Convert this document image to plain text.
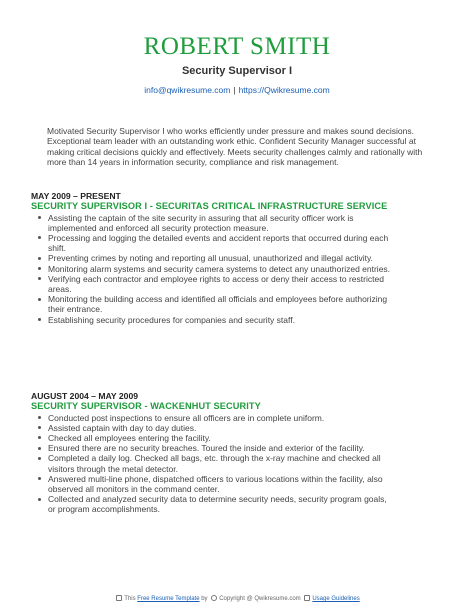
ROBERT SMITH
Security Supervisor I
info@qwikresume.com | https://Qwikresume.com

Motivated Security Supervisor I who works efficiently under pressure and makes sound decisions. Exceptional team leader with an outstanding work ethic. Confident Security Manager successful at making critical decisions quickly and effectively. Meets security challenges calmly and rationally with more than 14 years in information security, compliance and risk management.

MAY 2009 – PRESENT
SECURITY SUPERVISOR I - SECURITAS CRITICAL INFRASTRUCTURE SERVICE
Assisting the captain of the site security in assuring that all security officer work is implemented and enforced all security protection measure.
Processing and logging the detailed events and accident reports that occurred during each shift.
Preventing crimes by noting and reporting all unusual, unauthorized and illegal activity.
Monitoring alarm systems and security camera systems to detect any unauthorized entries.
Verifying each contractor and employee rights to access or deny their access to restricted areas.
Monitoring the building access and identified all officials and employees before authorizing their entrance.
Establishing security procedures for companies and security staff.
AUGUST 2004 – MAY 2009
SECURITY SUPERVISOR - WACKENHUT SECURITY
Conducted post inspections to ensure all officers are in complete uniform.
Assisted captain with day to day duties.
Checked all employees entering the facility.
Ensured there are no security breaches. Toured the inside and exterior of the facility.
Completed a daily log. Checked all bags, etc. through the x-ray machine and checked all visitors through the metal detector.
Answered multi-line phone, dispatched officers to various locations within the facility, also observed all monitors in the command center.
Collected and analyzed security data to determine security needs, security program goals, or program accomplishments.
This Free Resume Template by Copyright @ Qwikresume.com Usage Guidelines
